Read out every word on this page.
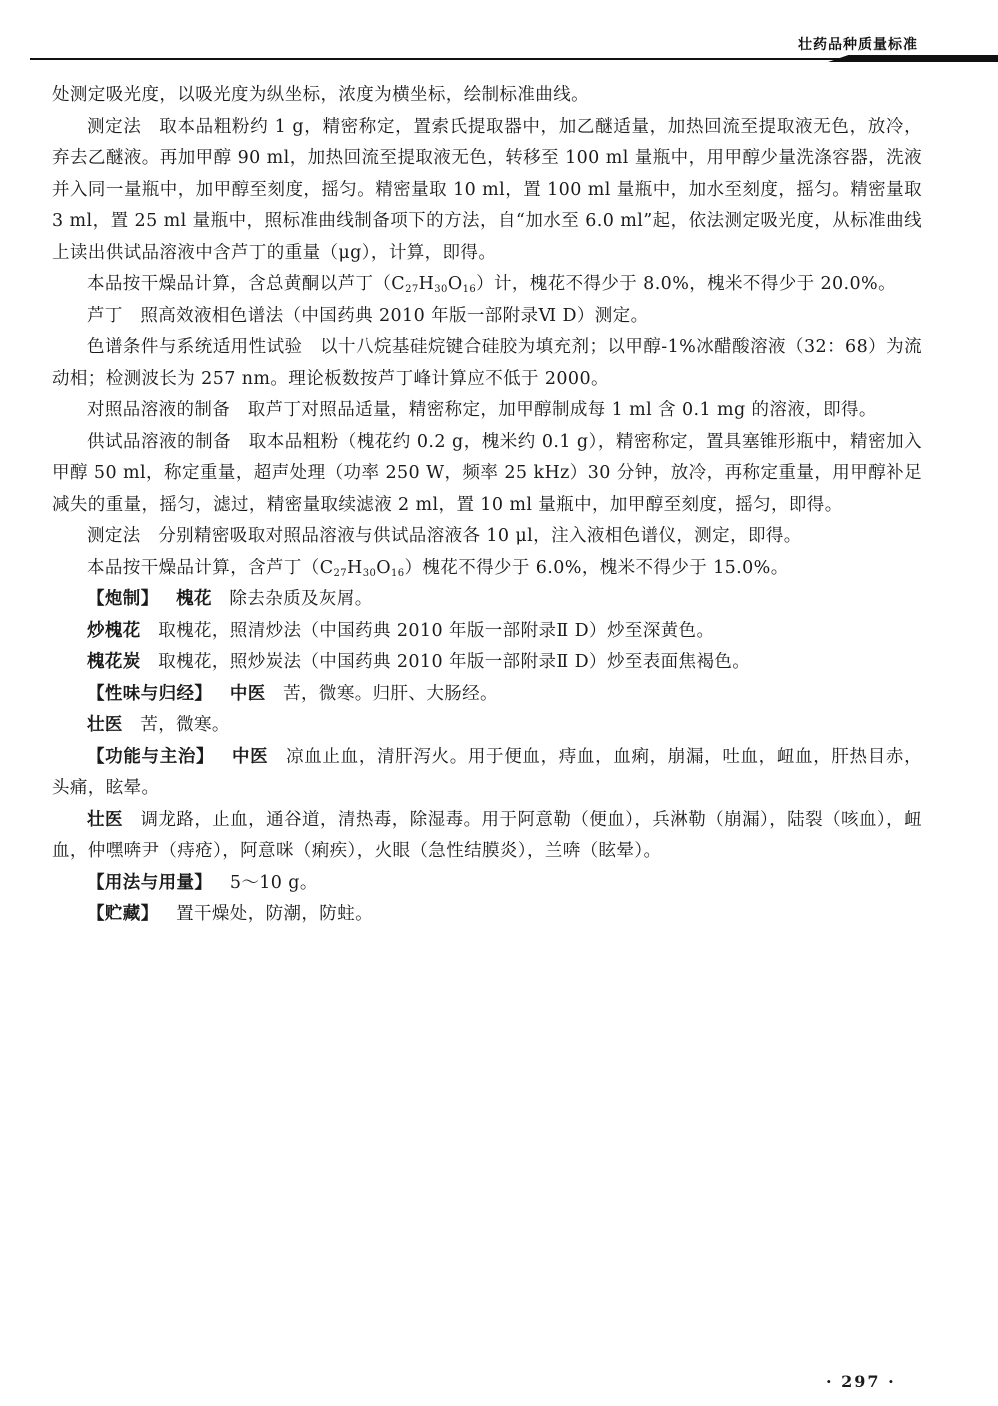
壮药品种质量标准

处测定吸光度，以吸光度为纵坐标，浓度为横坐标，绘制标准曲线。

测定法 取本品粗粉约 1 g，精密称定，置索氏提取器中，加乙醚适量，加热回流至提取液无色，放冷，弃去乙醚液。再加甲醇 90 ml，加热回流至提取液无色，转移至 100 ml 量瓶中，用甲醇少量洗涤容器，洗液并入同一量瓶中，加甲醇至刻度，摇匀。精密量取 10 ml，置 100 ml 量瓶中，加水至刻度，摇匀。精密量取 3 ml，置 25 ml 量瓶中，照标准曲线制备项下的方法，自“加水至 6.0 ml”起，依法测定吸光度，从标准曲线上读出供试品溶液中含芦丁的重量（μg），计算，即得。

本品按干燥品计算，含总黄酮以芦丁$(C_{27}H_{30}O_{16})$计，槐花不得少于 8.0%，槐米不得少于 20.0%。

芦丁 照高效液相色谱法（中国药典 2010 年版一部附录Ⅵ D）测定。

色谱条件与系统适用性试验 以十八烷基硅烷键合硅胶为填充剂；以甲醇-1%冰醋酸溶液（32：68）为流动相；检测波长为 257 nm。理论板数按芦丁峰计算应不低于 2000。

对照品溶液的制备 取芦丁对照品适量，精密称定，加甲醇制成每 1 ml 含 0.1 mg 的溶液，即得。

供试品溶液的制备 取本品粗粉（槐花约 0.2 g，槐米约 0.1 g），精密称定，置具塞锥形瓶中，精密加入甲醇 50 ml，称定重量，超声处理（功率 250 W，频率 25 kHz）30 分钟，放冷，再称定重量，用甲醇补足减失的重量，摇匀，滤过，精密量取续滤液 2 ml，置 10 ml 量瓶中，加甲醇至刻度，摇匀，即得。

测定法 分别精密吸取对照品溶液与供试品溶液各 10 μl，注入液相色谱仪，测定，即得。

本品按干燥品计算，含芦丁$(C_{27}H_{30}O_{16})$槐花不得少于 6.0%，槐米不得少于 15.0%。

【炮制】 槐花 除去杂质及灰屑。

炒槐花 取槐花，照清炒法（中国药典 2010 年版一部附录Ⅱ D）炒至深黄色。

槐花炭 取槐花，照炒炭法（中国药典 2010 年版一部附录Ⅱ D）炒至表面焦褐色。

【性味与归经】 中医 苦，微寒。归肝、大肠经。

壮医 苦，微寒。

【功能与主治】 中医 凉血止血，清肝泻火。用于便血，痔血，血痢，崩漏，吐血，衄血，肝热目赤，头痛，眩晕。

壮医 调龙路，止血，通谷道，清热毒，除湿毒。用于阿意勒（便血），兵淋勒（崩漏），陆裂（咳血），衄血，仲嘿喯尹（痔疮），阿意咪（痢疾），火眼（急性结膜炎），兰喯（眩晕）。

【用法与用量】 5～10 g。

【贮藏】 置干燥处，防潮，防蛀。

· 297 ·
